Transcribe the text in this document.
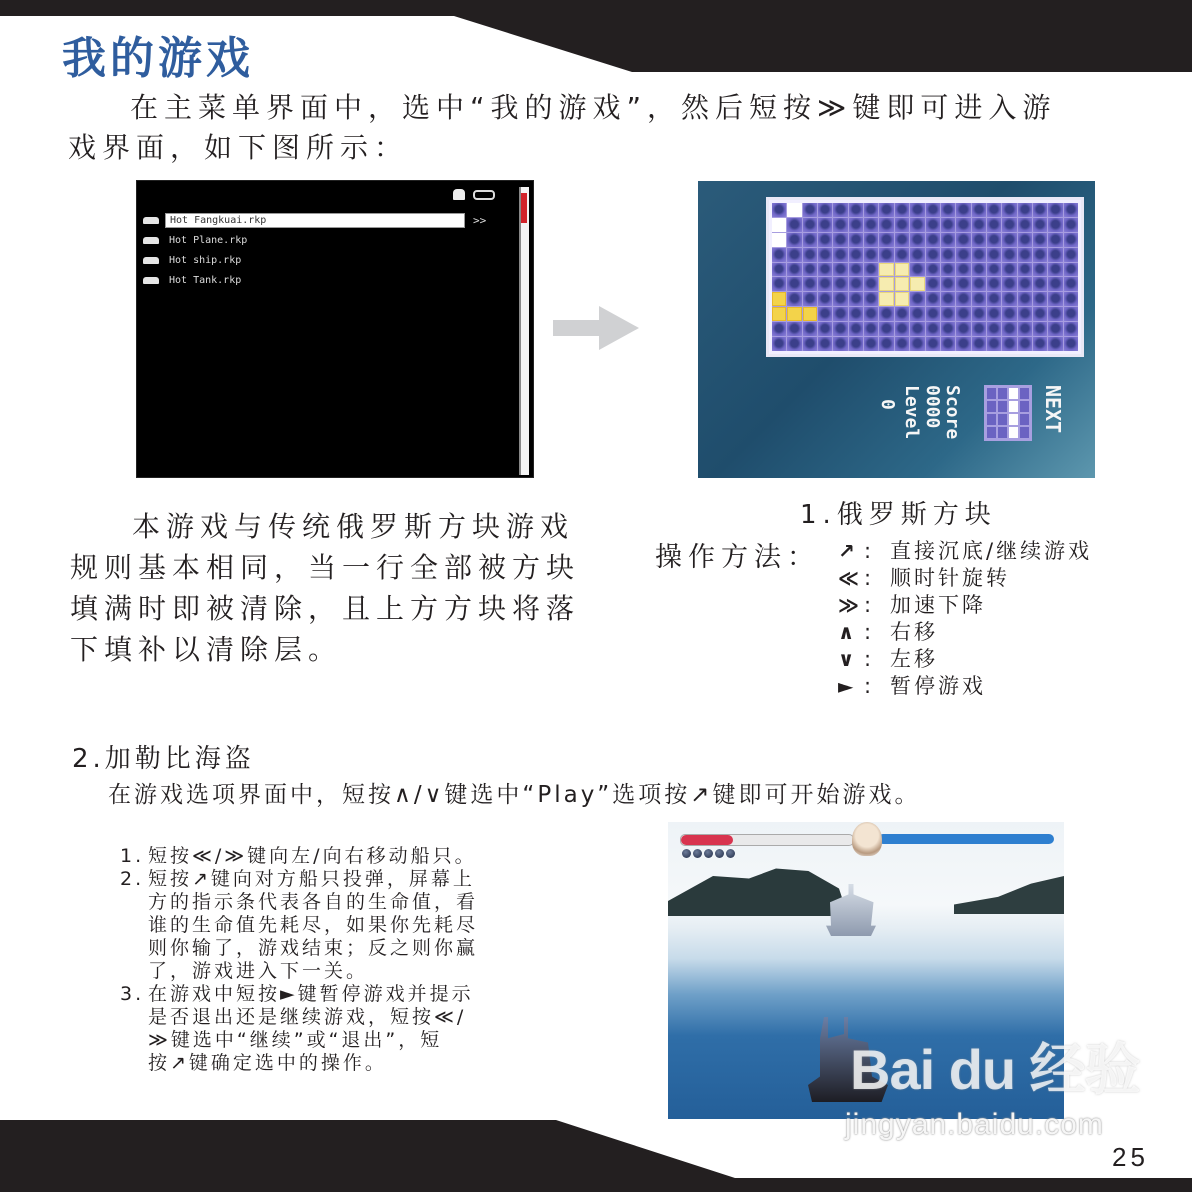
我的游戏
在主菜单界面中，选中“我的游戏”，然后短按≫键即可进入游
戏界面，如下图所示：
Hot Fangkuai.rkp	>>
Hot Plane.rkp
Hot ship.rkp
Hot Tank.rkp
NEXT
Score
0000
Level
0
本游戏与传统俄罗斯方块游戏
规则基本相同，当一行全部被方块
填满时即被清除，且上方方块将落
下填补以清除层。
1.俄罗斯方块
操作方法： ↗ : 直接沉底/继续游戏
≪ : 顺时针旋转
≫ : 加速下降
∧ : 右移
∨ : 左移
► : 暂停游戏
2.加勒比海盗
在游戏选项界面中，短按∧/∨键选中“Play”选项按↗键即可开始游戏。
1. 短按≪/≫键向左/向右移动船只。
2. 短按↗键向对方船只投弹，屏幕上
方的指示条代表各自的生命值，看
谁的生命值先耗尽，如果你先耗尽
则你输了，游戏结束；反之则你赢
了，游戏进入下一关。
3. 在游戏中短按►键暂停游戏并提示
是否退出还是继续游戏，短按≪/
≫键选中“继续”或“退出”，短
按↗键确定选中的操作。	Bai du 经验
jingyan.baidu.com
25
